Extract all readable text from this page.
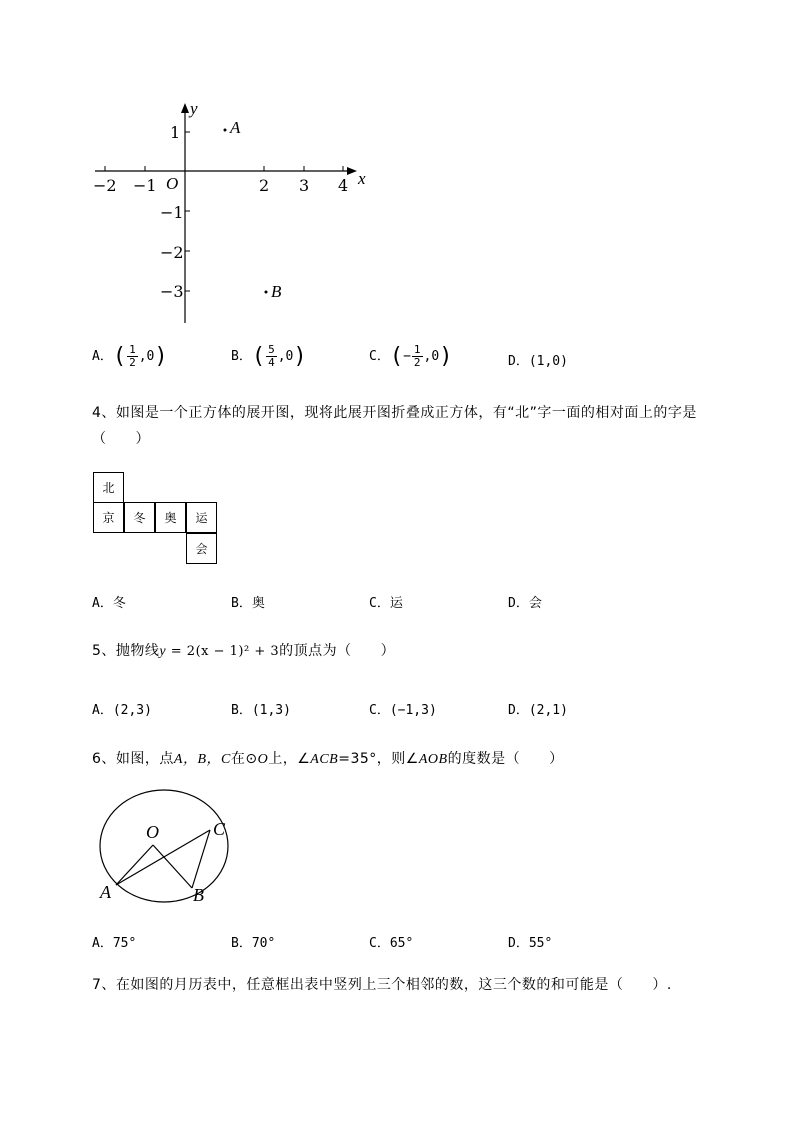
y
x
O
−2 −1	2 3 4
1
−1
−2
−3
A
B
A．( $\frac{1}{2} ,0$)	B．( $\frac{5}{4} ,0$)	C．(− $\frac{1}{2} ,0$)	D．(1,0)
4、如图是一个正方体的展开图，现将此展开图折叠成正方体，有“北”字一面的相对面上的字是
（　　）
北
京	冬	奥	运
会
A．冬	B．奥	C．运	D．会
5、抛物线y = 2(x − 1)² + 3的顶点为（　　）
A．(2,3)	B．(1,3)	C．(−1,3)	D．(2,1)
6、如图，点A，B，C在⊙O上，∠ACB=35°，则∠AOB的度数是（　　）
O
A	B
C
A．75°	B．70°	C．65°	D．55°
7、在如图的月历表中，任意框出表中竖列上三个相邻的数，这三个数的和可能是（　　）.
